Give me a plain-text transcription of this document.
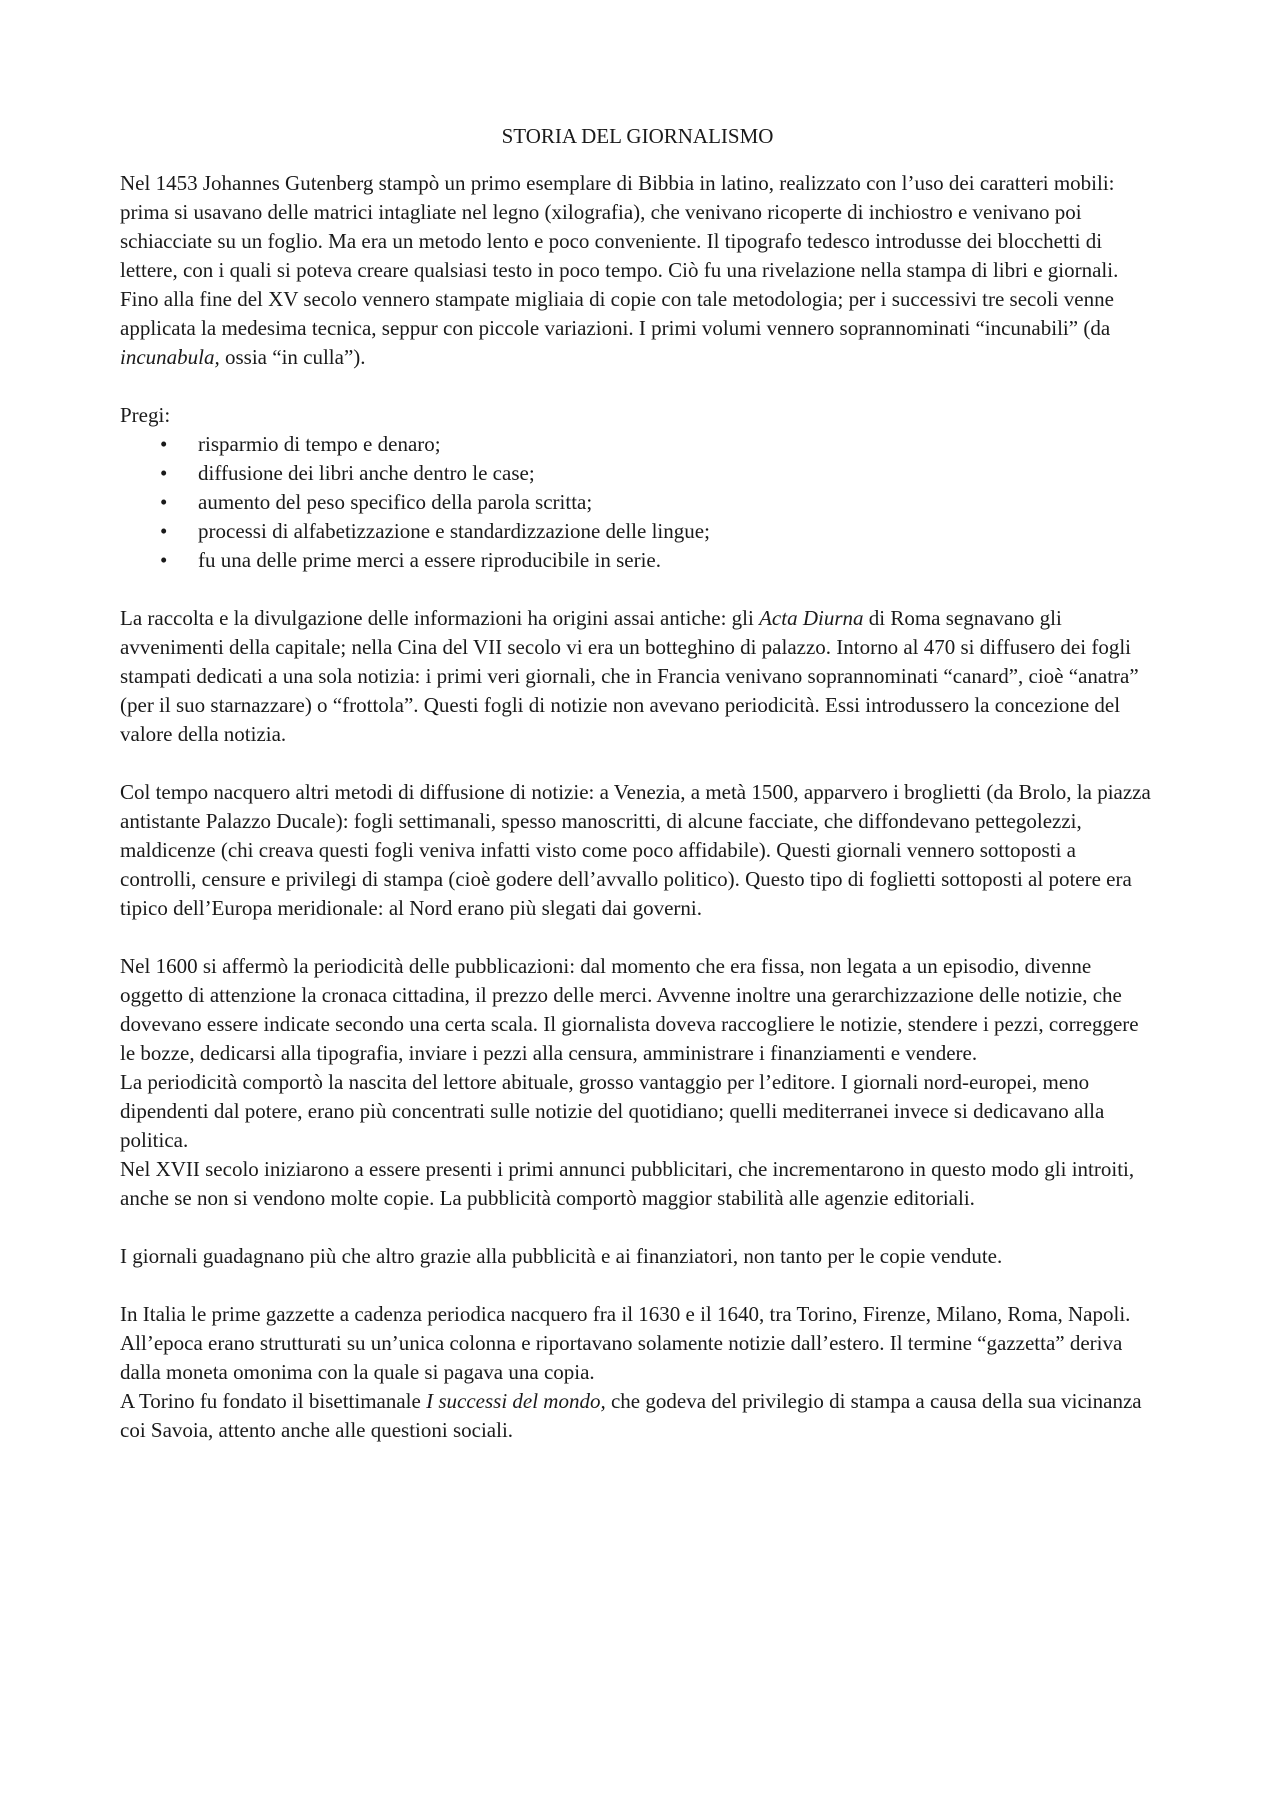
STORIA DEL GIORNALISMO

Nel 1453 Johannes Gutenberg stampò un primo esemplare di Bibbia in latino, realizzato con l’uso dei caratteri mobili: prima si usavano delle matrici intagliate nel legno (xilografia), che venivano ricoperte di inchiostro e venivano poi schiacciate su un foglio. Ma era un metodo lento e poco conveniente. Il tipografo tedesco introdusse dei blocchetti di lettere, con i quali si poteva creare qualsiasi testo in poco tempo. Ciò fu una rivelazione nella stampa di libri e giornali.

Fino alla fine del XV secolo vennero stampate migliaia di copie con tale metodologia; per i successivi tre secoli venne applicata la medesima tecnica, seppur con piccole variazioni. I primi volumi vennero soprannominati “incunabili” (da incunabula, ossia “in culla”).

Pregi:

• risparmio di tempo e denaro;
• diffusione dei libri anche dentro le case;
• aumento del peso specifico della parola scritta;
• processi di alfabetizzazione e standardizzazione delle lingue;
• fu una delle prime merci a essere riproducibile in serie.

La raccolta e la divulgazione delle informazioni ha origini assai antiche: gli Acta Diurna di Roma segnavano gli avvenimenti della capitale; nella Cina del VII secolo vi era un botteghino di palazzo. Intorno al 470 si diffusero dei fogli stampati dedicati a una sola notizia: i primi veri giornali, che in Francia venivano soprannominati “canard”, cioè “anatra” (per il suo starnazzare) o “frottola”. Questi fogli di notizie non avevano periodicità. Essi introdussero la concezione del valore della notizia.

Col tempo nacquero altri metodi di diffusione di notizie: a Venezia, a metà 1500, apparvero i broglietti (da Brolo, la piazza antistante Palazzo Ducale): fogli settimanali, spesso manoscritti, di alcune facciate, che diffondevano pettegolezzi, maldicenze (chi creava questi fogli veniva infatti visto come poco affidabile). Questi giornali vennero sottoposti a controlli, censure e privilegi di stampa (cioè godere dell’avvallo politico). Questo tipo di foglietti sottoposti al potere era tipico dell’Europa meridionale: al Nord erano più slegati dai governi.

Nel 1600 si affermò la periodicità delle pubblicazioni: dal momento che era fissa, non legata a un episodio, divenne oggetto di attenzione la cronaca cittadina, il prezzo delle merci. Avvenne inoltre una gerarchizzazione delle notizie, che dovevano essere indicate secondo una certa scala. Il giornalista doveva raccogliere le notizie, stendere i pezzi, correggere le bozze, dedicarsi alla tipografia, inviare i pezzi alla censura, amministrare i finanziamenti e vendere.

La periodicità comportò la nascita del lettore abituale, grosso vantaggio per l’editore. I giornali nord-europei, meno dipendenti dal potere, erano più concentrati sulle notizie del quotidiano; quelli mediterranei invece si dedicavano alla politica.

Nel XVII secolo iniziarono a essere presenti i primi annunci pubblicitari, che incrementarono in questo modo gli introiti, anche se non si vendono molte copie. La pubblicità comportò maggior stabilità alle agenzie editoriali.

I giornali guadagnano più che altro grazie alla pubblicità e ai finanziatori, non tanto per le copie vendute.

In Italia le prime gazzette a cadenza periodica nacquero fra il 1630 e il 1640, tra Torino, Firenze, Milano, Roma, Napoli. All’epoca erano strutturati su un’unica colonna e riportavano solamente notizie dall’estero. Il termine “gazzetta” deriva dalla moneta omonima con la quale si pagava una copia.

A Torino fu fondato il bisettimanale I successi del mondo, che godeva del privilegio di stampa a causa della sua vicinanza coi Savoia, attento anche alle questioni sociali.
